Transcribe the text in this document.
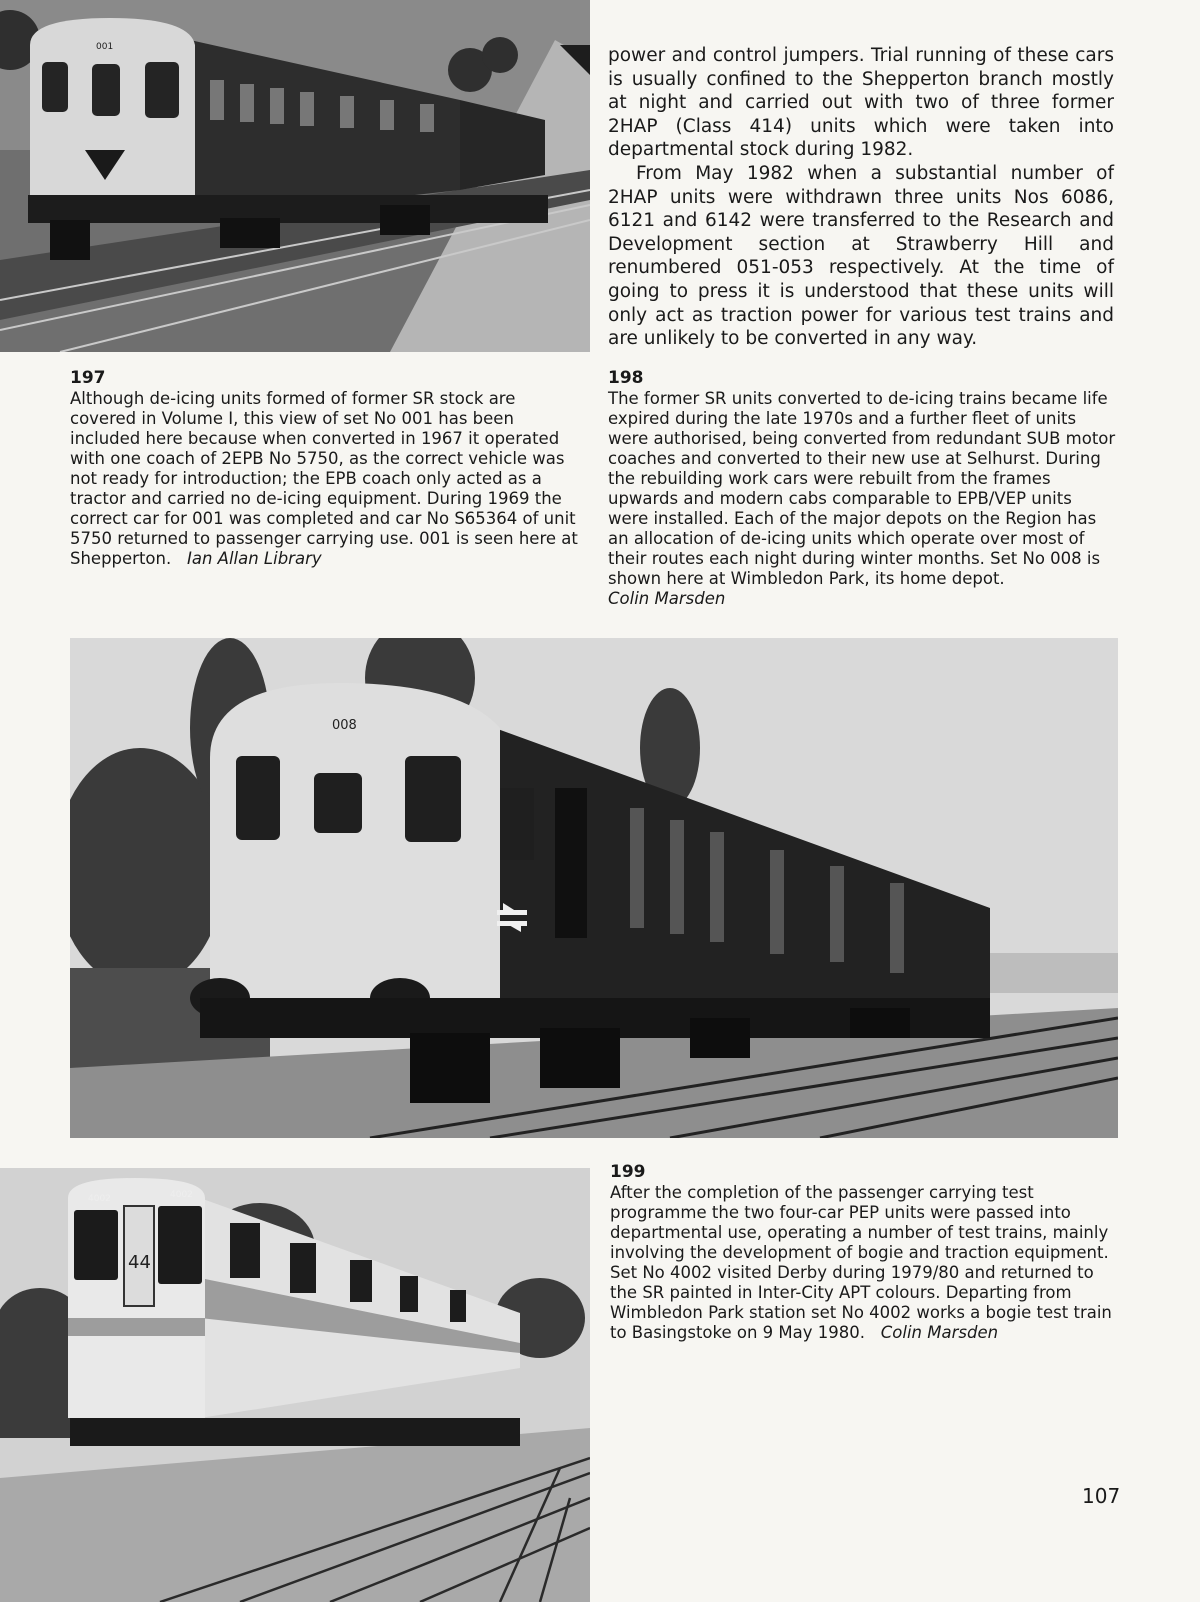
001	power and control jumpers. Trial running of these cars is usually confined to the Shepperton branch mostly at night and carried out with two of three former 2HAP (Class 414) units which were taken into departmental stock during 1982.

From May 1982 when a substantial number of 2HAP units were withdrawn three units Nos 6086, 6121 and 6142 were transferred to the Research and Development section at Strawberry Hill and renumbered 051-053 respectively. At the time of going to press it is understood that these units will only act as traction power for various test trains and are unlikely to be converted in any way.

197

Although de-icing units formed of former SR stock are covered in Volume I, this view of set No 001 has been included here because when converted in 1967 it operated with one coach of 2EPB No 5750, as the correct vehicle was not ready for introduction; the EPB coach only acted as a tractor and carried no de-icing equipment. During 1969 the correct car for 001 was completed and car No S65364 of unit 5750 returned to passenger carrying use. 001 is seen here at Shepperton. Ian Allan Library

198

The former SR units converted to de-icing trains became life expired during the late 1970s and a further fleet of units were authorised, being converted from redundant SUB motor coaches and converted to their new use at Selhurst. During the rebuilding work cars were rebuilt from the frames upwards and modern cabs comparable to EPB/VEP units were installed. Each of the major depots on the Region has an allocation of de-icing units which operate over most of their routes each night during winter months. Set No 008 is shown here at Wimbledon Park, its home depot.

Colin Marsden

008
4002	4002
44
199

After the completion of the passenger carrying test programme the two four-car PEP units were passed into departmental use, operating a number of test trains, mainly involving the development of bogie and traction equipment. Set No 4002 visited Derby during 1979/80 and returned to the SR painted in Inter-City APT colours. Departing from Wimbledon Park station set No 4002 works a bogie test train to Basingstoke on 9 May 1980. Colin Marsden

107
